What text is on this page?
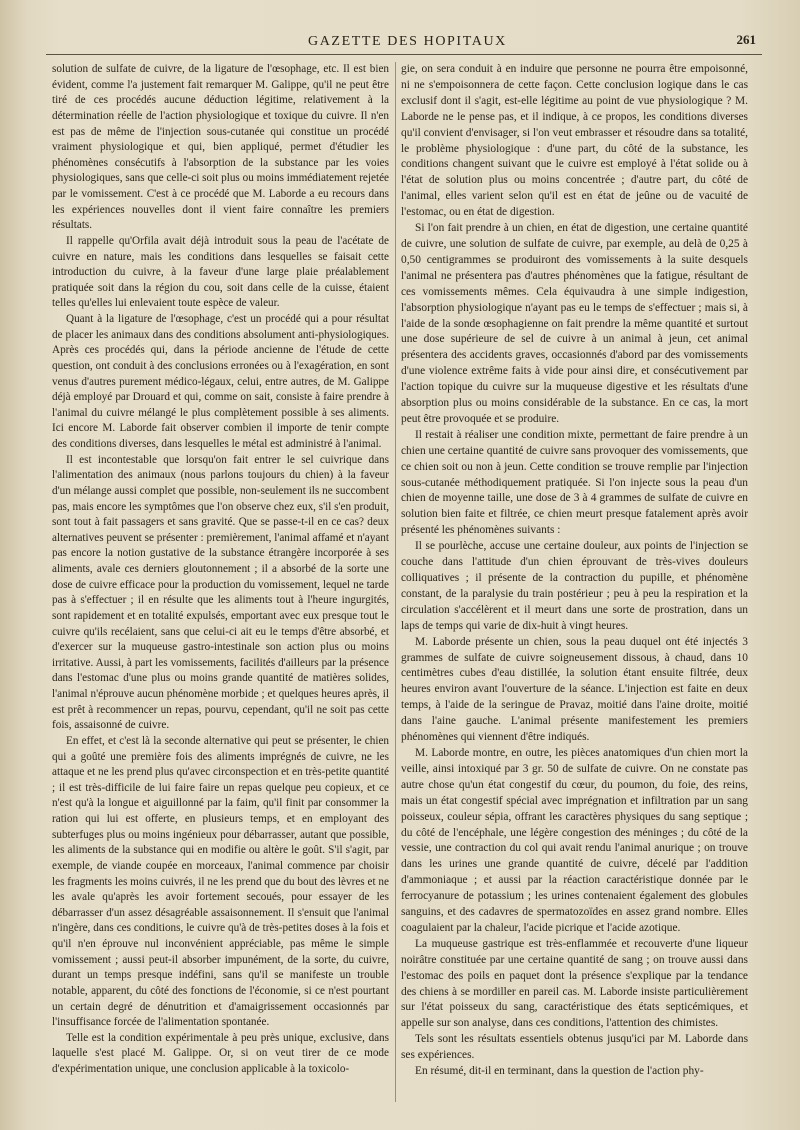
GAZETTE DES HOPITAUX	261

solution de sulfate de cuivre, de la ligature de l'œsophage, etc. Il est bien évident, comme l'a justement fait remarquer M. Galippe, qu'il ne peut être tiré de ces procédés aucune déduction légitime, relativement à la détermination réelle de l'action physiologique et toxique du cuivre. Il n'en est pas de même de l'injection sous-cutanée qui constitue un procédé vraiment physiologique et qui, bien appliqué, permet d'étudier les phénomènes consécutifs à l'absorption de la substance par les voies physiologiques, sans que celle-ci soit plus ou moins immédiatement rejetée par le vomissement. C'est à ce procédé que M. Laborde a eu recours dans les expériences nouvelles dont il vient faire connaître les premiers résultats.

Il rappelle qu'Orfila avait déjà introduit sous la peau de l'acétate de cuivre en nature, mais les conditions dans lesquelles se faisait cette introduction du cuivre, à la faveur d'une large plaie préalablement pratiquée soit dans la région du cou, soit dans celle de la cuisse, étaient telles qu'elles lui enlevaient toute espèce de valeur.

Quant à la ligature de l'œsophage, c'est un procédé qui a pour résultat de placer les animaux dans des conditions absolument anti-physiologiques. Après ces procédés qui, dans la période ancienne de l'étude de cette question, ont conduit à des conclusions erronées ou à l'exagération, en sont venus d'autres purement médico-légaux, celui, entre autres, de M. Galippe déjà employé par Drouard et qui, comme on sait, consiste à faire prendre à l'animal du cuivre mélangé le plus complètement possible à ses aliments. Ici encore M. Laborde fait observer combien il importe de tenir compte des conditions diverses, dans lesquelles le métal est administré à l'animal.

Il est incontestable que lorsqu'on fait entrer le sel cuivrique dans l'alimentation des animaux (nous parlons toujours du chien) à la faveur d'un mélange aussi complet que possible, non-seulement ils ne succombent pas, mais encore les symptômes que l'on observe chez eux, s'il s'en produit, sont tout à fait passagers et sans gravité. Que se passe-t-il en ce cas? deux alternatives peuvent se présenter : premièrement, l'animal affamé et n'ayant pas encore la notion gustative de la substance étrangère incorporée à ses aliments, avale ces derniers gloutonnement ; il a absorbé de la sorte une dose de cuivre efficace pour la production du vomissement, lequel ne tarde pas à s'effectuer ; il en résulte que les aliments tout à l'heure ingurgités, sont rapidement et en totalité expulsés, emportant avec eux presque tout le cuivre qu'ils recélaient, sans que celui-ci ait eu le temps d'être absorbé, et d'exercer sur la muqueuse gastro-intestinale son action plus ou moins irritative. Aussi, à part les vomissements, facilités d'ailleurs par la présence dans l'estomac d'une plus ou moins grande quantité de matières solides, l'animal n'éprouve aucun phénomène morbide ; et quelques heures après, il est prêt à recommencer un repas, pourvu, cependant, qu'il ne soit pas cette fois, assaisonné de cuivre.

En effet, et c'est là la seconde alternative qui peut se présenter, le chien qui a goûté une première fois des aliments imprégnés de cuivre, ne les attaque et ne les prend plus qu'avec circonspection et en très-petite quantité ; il est très-difficile de lui faire faire un repas quelque peu copieux, et ce n'est qu'à la longue et aiguillonné par la faim, qu'il finit par consommer la ration qui lui est offerte, en plusieurs temps, et en employant des subterfuges plus ou moins ingénieux pour débarrasser, autant que possible, les aliments de la substance qui en modifie ou altère le goût. S'il s'agit, par exemple, de viande coupée en morceaux, l'animal commence par choisir les fragments les moins cuivrés, il ne les prend que du bout des lèvres et ne les avale qu'après les avoir fortement secoués, pour essayer de les débarrasser d'un assez désagréable assaisonnement. Il s'ensuit que l'animal n'ingère, dans ces conditions, le cuivre qu'à de très-petites doses à la fois et qu'il n'en éprouve nul inconvénient appréciable, pas même le simple vomissement ; aussi peut-il absorber impunément, de la sorte, du cuivre, durant un temps presque indéfini, sans qu'il se manifeste un trouble notable, apparent, du côté des fonctions de l'économie, si ce n'est pourtant un certain degré de dénutrition et d'amaigrissement occasionnés par l'insuffisance forcée de l'alimentation spontanée.

Telle est la condition expérimentale à peu près unique, exclusive, dans laquelle s'est placé M. Galippe. Or, si on veut tirer de ce mode d'expérimentation unique, une conclusion applicable à la toxicolo-

gie, on sera conduit à en induire que personne ne pourra être empoisonné, ni ne s'empoisonnera de cette façon. Cette conclusion logique dans le cas exclusif dont il s'agit, est-elle légitime au point de vue physiologique ? M. Laborde ne le pense pas, et il indique, à ce propos, les conditions diverses qu'il convient d'envisager, si l'on veut embrasser et résoudre dans sa totalité, le problème physiologique : d'une part, du côté de la substance, les conditions changent suivant que le cuivre est employé à l'état solide ou à l'état de solution plus ou moins concentrée ; d'autre part, du côté de l'animal, elles varient selon qu'il est en état de jeûne ou de vacuité de l'estomac, ou en état de digestion.

Si l'on fait prendre à un chien, en état de digestion, une certaine quantité de cuivre, une solution de sulfate de cuivre, par exemple, au delà de 0,25 à 0,50 centigrammes se produiront des vomissements à la suite desquels l'animal ne présentera pas d'autres phénomènes que la fatigue, résultant de ces vomissements mêmes. Cela équivaudra à une simple indigestion, l'absorption physiologique n'ayant pas eu le temps de s'effectuer ; mais si, à l'aide de la sonde œsophagienne on fait prendre la même quantité et surtout une dose supérieure de sel de cuivre à un animal à jeun, cet animal présentera des accidents graves, occasionnés d'abord par des vomissements d'une violence extrême faits à vide pour ainsi dire, et consécutivement par l'action topique du cuivre sur la muqueuse digestive et les résultats d'une absorption plus ou moins considérable de la substance. En ce cas, la mort peut être provoquée et se produire.

Il restait à réaliser une condition mixte, permettant de faire prendre à un chien une certaine quantité de cuivre sans provoquer des vomissements, que ce chien soit ou non à jeun. Cette condition se trouve remplie par l'injection sous-cutanée méthodiquement pratiquée. Si l'on injecte sous la peau d'un chien de moyenne taille, une dose de 3 à 4 grammes de sulfate de cuivre en solution bien faite et filtrée, ce chien meurt presque fatalement après avoir présenté les phénomènes suivants :

Il se pourlèche, accuse une certaine douleur, aux points de l'injection se couche dans l'attitude d'un chien éprouvant de très-vives douleurs colliquatives ; il présente de la contraction du pupille, et phénomène constant, de la paralysie du train postérieur ; peu à peu la respiration et la circulation s'accélèrent et il meurt dans une sorte de prostration, dans un laps de temps qui varie de dix-huit à vingt heures.

M. Laborde présente un chien, sous la peau duquel ont été injectés 3 grammes de sulfate de cuivre soigneusement dissous, à chaud, dans 10 centimètres cubes d'eau distillée, la solution étant ensuite filtrée, deux heures environ avant l'ouverture de la séance. L'injection est faite en deux temps, à l'aide de la seringue de Pravaz, moitié dans l'aine droite, moitié dans l'aine gauche. L'animal présente manifestement les premiers phénomènes qui viennent d'être indiqués.

M. Laborde montre, en outre, les pièces anatomiques d'un chien mort la veille, ainsi intoxiqué par 3 gr. 50 de sulfate de cuivre. On ne constate pas autre chose qu'un état congestif du cœur, du poumon, du foie, des reins, mais un état congestif spécial avec imprégnation et infiltration par un sang poisseux, couleur sépia, offrant les caractères physiques du sang septique ; du côté de l'encéphale, une légère congestion des méninges ; du côté de la vessie, une contraction du col qui avait rendu l'animal anurique ; on trouve dans les urines une grande quantité de cuivre, décelé par l'addition d'ammoniaque ; et aussi par la réaction caractéristique donnée par le ferrocyanure de potassium ; les urines contenaient également des globules sanguins, et des cadavres de spermatozoïdes en assez grand nombre. Elles coagulaient par la chaleur, l'acide picrique et l'acide azotique.

La muqueuse gastrique est très-enflammée et recouverte d'une liqueur noirâtre constituée par une certaine quantité de sang ; on trouve aussi dans l'estomac des poils en paquet dont la présence s'explique par la tendance des chiens à se mordiller en pareil cas. M. Laborde insiste particulièrement sur l'état poisseux du sang, caractéristique des états septicémiques, et appelle sur son analyse, dans ces conditions, l'attention des chimistes.

Tels sont les résultats essentiels obtenus jusqu'ici par M. Laborde dans ses expériences.

En résumé, dit-il en terminant, dans la question de l'action phy-
